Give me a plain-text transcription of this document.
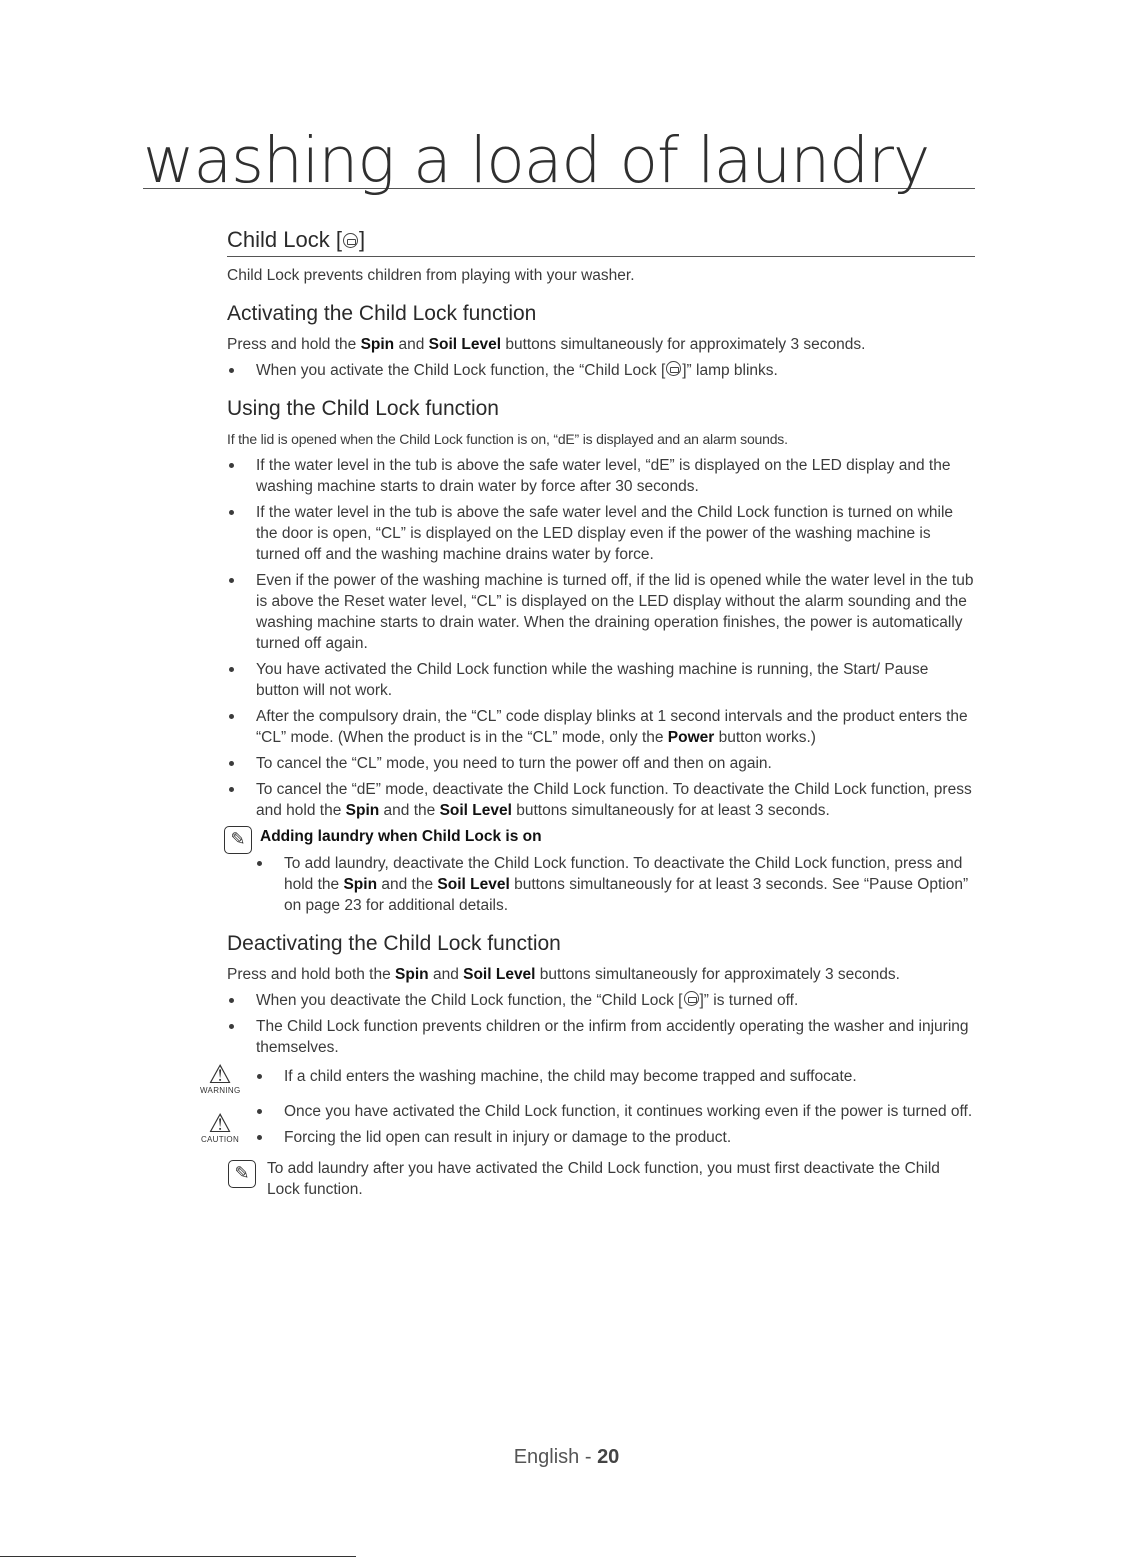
washing a load of laundry
Child Lock [ ]

Child Lock prevents children from playing with your washer.

Activating the Child Lock function

Press and hold the Spin and Soil Level buttons simultaneously for approximately 3 seconds.

When you activate the Child Lock function, the “Child Lock [ ]” lamp blinks.
Using the Child Lock function

If the lid is opened when the Child Lock function is on, “dE” is displayed and an alarm sounds.

If the water level in the tub is above the safe water level, “dE” is displayed on the LED display and the washing machine starts to drain water by force after 30 seconds.
If the water level in the tub is above the safe water level and the Child Lock function is turned on while the door is open, “CL” is displayed on the LED display even if the power of the washing machine is turned off and the washing machine drains water by force.
Even if the power of the washing machine is turned off, if the lid is opened while the water level in the tub is above the Reset water level, “CL” is displayed on the LED display without the alarm sounding and the washing machine starts to drain water. When the draining operation finishes, the power is automatically turned off again.
You have activated the Child Lock function while the washing machine is running, the Start/ Pause button will not work.
After the compulsory drain, the “CL” code display blinks at 1 second intervals and the product enters the “CL” mode. (When the product is in the “CL” mode, only the Power button works.)
To cancel the “CL” mode, you need to turn the power off and then on again.
To cancel the “dE” mode, deactivate the Child Lock function. To deactivate the Child Lock function, press and hold the Spin and the Soil Level buttons simultaneously for at least 3 seconds.
✎ Adding laundry when Child Lock is on
To add laundry, deactivate the Child Lock function. To deactivate the Child Lock function, press and hold the Spin and the Soil Level buttons simultaneously for at least 3 seconds. See “Pause Option” on page 23 for additional details.
Deactivating the Child Lock function

Press and hold both the Spin and Soil Level buttons simultaneously for approximately 3 seconds.

When you deactivate the Child Lock function, the “Child Lock [ ]” is turned off.
The Child Lock function prevents children or the infirm from accidently operating the washer and injuring themselves.
⚠
WARNING
If a child enters the washing machine, the child may become trapped and suffocate.
⚠
CAUTION
Once you have activated the Child Lock function, it continues working even if the power is turned off.
Forcing the lid open can result in injury or damage to the product.
✎	To add laundry after you have activated the Child Lock function, you must first deactivate the Child Lock function.

English - 20
